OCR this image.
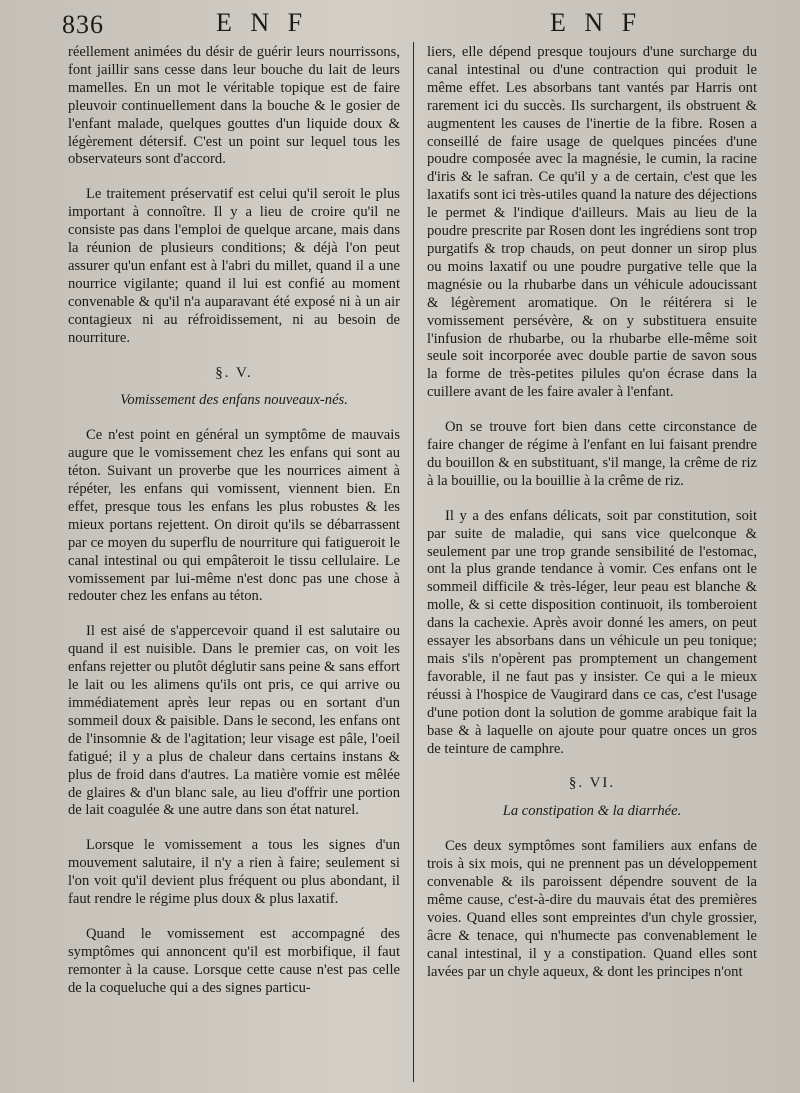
836	E N F	E N F

réellement animées du désir de guérir leurs nourrissons, font jaillir sans cesse dans leur bouche du lait de leurs mamelles. En un mot le véritable topique est de faire pleuvoir continuellement dans la bouche & le gosier de l'enfant malade, quelques gouttes d'un liquide doux & légèrement détersif. C'est un point sur lequel tous les observateurs sont d'accord.

Le traitement préservatif est celui qu'il seroit le plus important à connoître. Il y a lieu de croire qu'il ne consiste pas dans l'emploi de quelque arcane, mais dans la réunion de plusieurs conditions; & déjà l'on peut assurer qu'un enfant est à l'abri du millet, quand il a une nourrice vigilante; quand il lui est confié au moment convenable & qu'il n'a auparavant été exposé ni à un air contagieux ni au réfroidissement, ni au besoin de nourriture.

§. V.

Vomissement des enfans nouveaux-nés.

Ce n'est point en général un symptôme de mauvais augure que le vomissement chez les enfans qui sont au téton. Suivant un proverbe que les nourrices aiment à répéter, les enfans qui vomissent, viennent bien. En effet, presque tous les enfans les plus robustes & les mieux portans rejettent. On diroit qu'ils se débarrassent par ce moyen du superflu de nourriture qui fatigueroit le canal intestinal ou qui empâteroit le tissu cellulaire. Le vomissement par lui-même n'est donc pas une chose à redouter chez les enfans au téton.

Il est aisé de s'appercevoir quand il est salutaire ou quand il est nuisible. Dans le premier cas, on voit les enfans rejetter ou plutôt déglutir sans peine & sans effort le lait ou les alimens qu'ils ont pris, ce qui arrive ou immédiatement après leur repas ou en sortant d'un sommeil doux & paisible. Dans le second, les enfans ont de l'insomnie & de l'agitation; leur visage est pâle, l'oeil fatigué; il y a plus de chaleur dans certains instans & plus de froid dans d'autres. La matière vomie est mêlée de glaires & d'un blanc sale, au lieu d'offrir une portion de lait coagulée & une autre dans son état naturel.

Lorsque le vomissement a tous les signes d'un mouvement salutaire, il n'y a rien à faire; seulement si l'on voit qu'il devient plus fréquent ou plus abondant, il faut rendre le régime plus doux & plus laxatif.

Quand le vomissement est accompagné des symptômes qui annoncent qu'il est morbifique, il faut remonter à la cause. Lorsque cette cause n'est pas celle de la coqueluche qui a des signes particu-

liers, elle dépend presque toujours d'une surcharge du canal intestinal ou d'une contraction qui produit le même effet. Les absorbans tant vantés par Harris ont rarement ici du succès. Ils surchargent, ils obstruent & augmentent les causes de l'inertie de la fibre. Rosen a conseillé de faire usage de quelques pincées d'une poudre composée avec la magnésie, le cumin, la racine d'iris & le safran. Ce qu'il y a de certain, c'est que les laxatifs sont ici très-utiles quand la nature des déjections le permet & l'indique d'ailleurs. Mais au lieu de la poudre prescrite par Rosen dont les ingrédiens sont trop purgatifs & trop chauds, on peut donner un sirop plus ou moins laxatif ou une poudre purgative telle que la magnésie ou la rhubarbe dans un véhicule adoucissant & légèrement aromatique. On le réitérera si le vomissement persévère, & on y substituera ensuite l'infusion de rhubarbe, ou la rhubarbe elle-même soit seule soit incorporée avec double partie de savon sous la forme de très-petites pilules qu'on écrase dans la cuillere avant de les faire avaler à l'enfant.

On se trouve fort bien dans cette circonstance de faire changer de régime à l'enfant en lui faisant prendre du bouillon & en substituant, s'il mange, la crême de riz à la bouillie, ou la bouillie à la crême de riz.

Il y a des enfans délicats, soit par constitution, soit par suite de maladie, qui sans vice quelconque & seulement par une trop grande sensibilité de l'estomac, ont la plus grande tendance à vomir. Ces enfans ont le sommeil difficile & très-léger, leur peau est blanche & molle, & si cette disposition continuoit, ils tomberoient dans la cachexie. Après avoir donné les amers, on peut essayer les absorbans dans un véhicule un peu tonique; mais s'ils n'opèrent pas promptement un changement favorable, il ne faut pas y insister. Ce qui a le mieux réussi à l'hospice de Vaugirard dans ce cas, c'est l'usage d'une potion dont la solution de gomme arabique fait la base & à laquelle on ajoute pour quatre onces un gros de teinture de camphre.

§. VI.

La constipation & la diarrhée.

Ces deux symptômes sont familiers aux enfans de trois à six mois, qui ne prennent pas un développement convenable & ils paroissent dépendre souvent de la même cause, c'est-à-dire du mauvais état des premières voies. Quand elles sont empreintes d'un chyle grossier, âcre & tenace, qui n'humecte pas convenablement le canal intestinal, il y a constipation. Quand elles sont lavées par un chyle aqueux, & dont les principes n'ont
